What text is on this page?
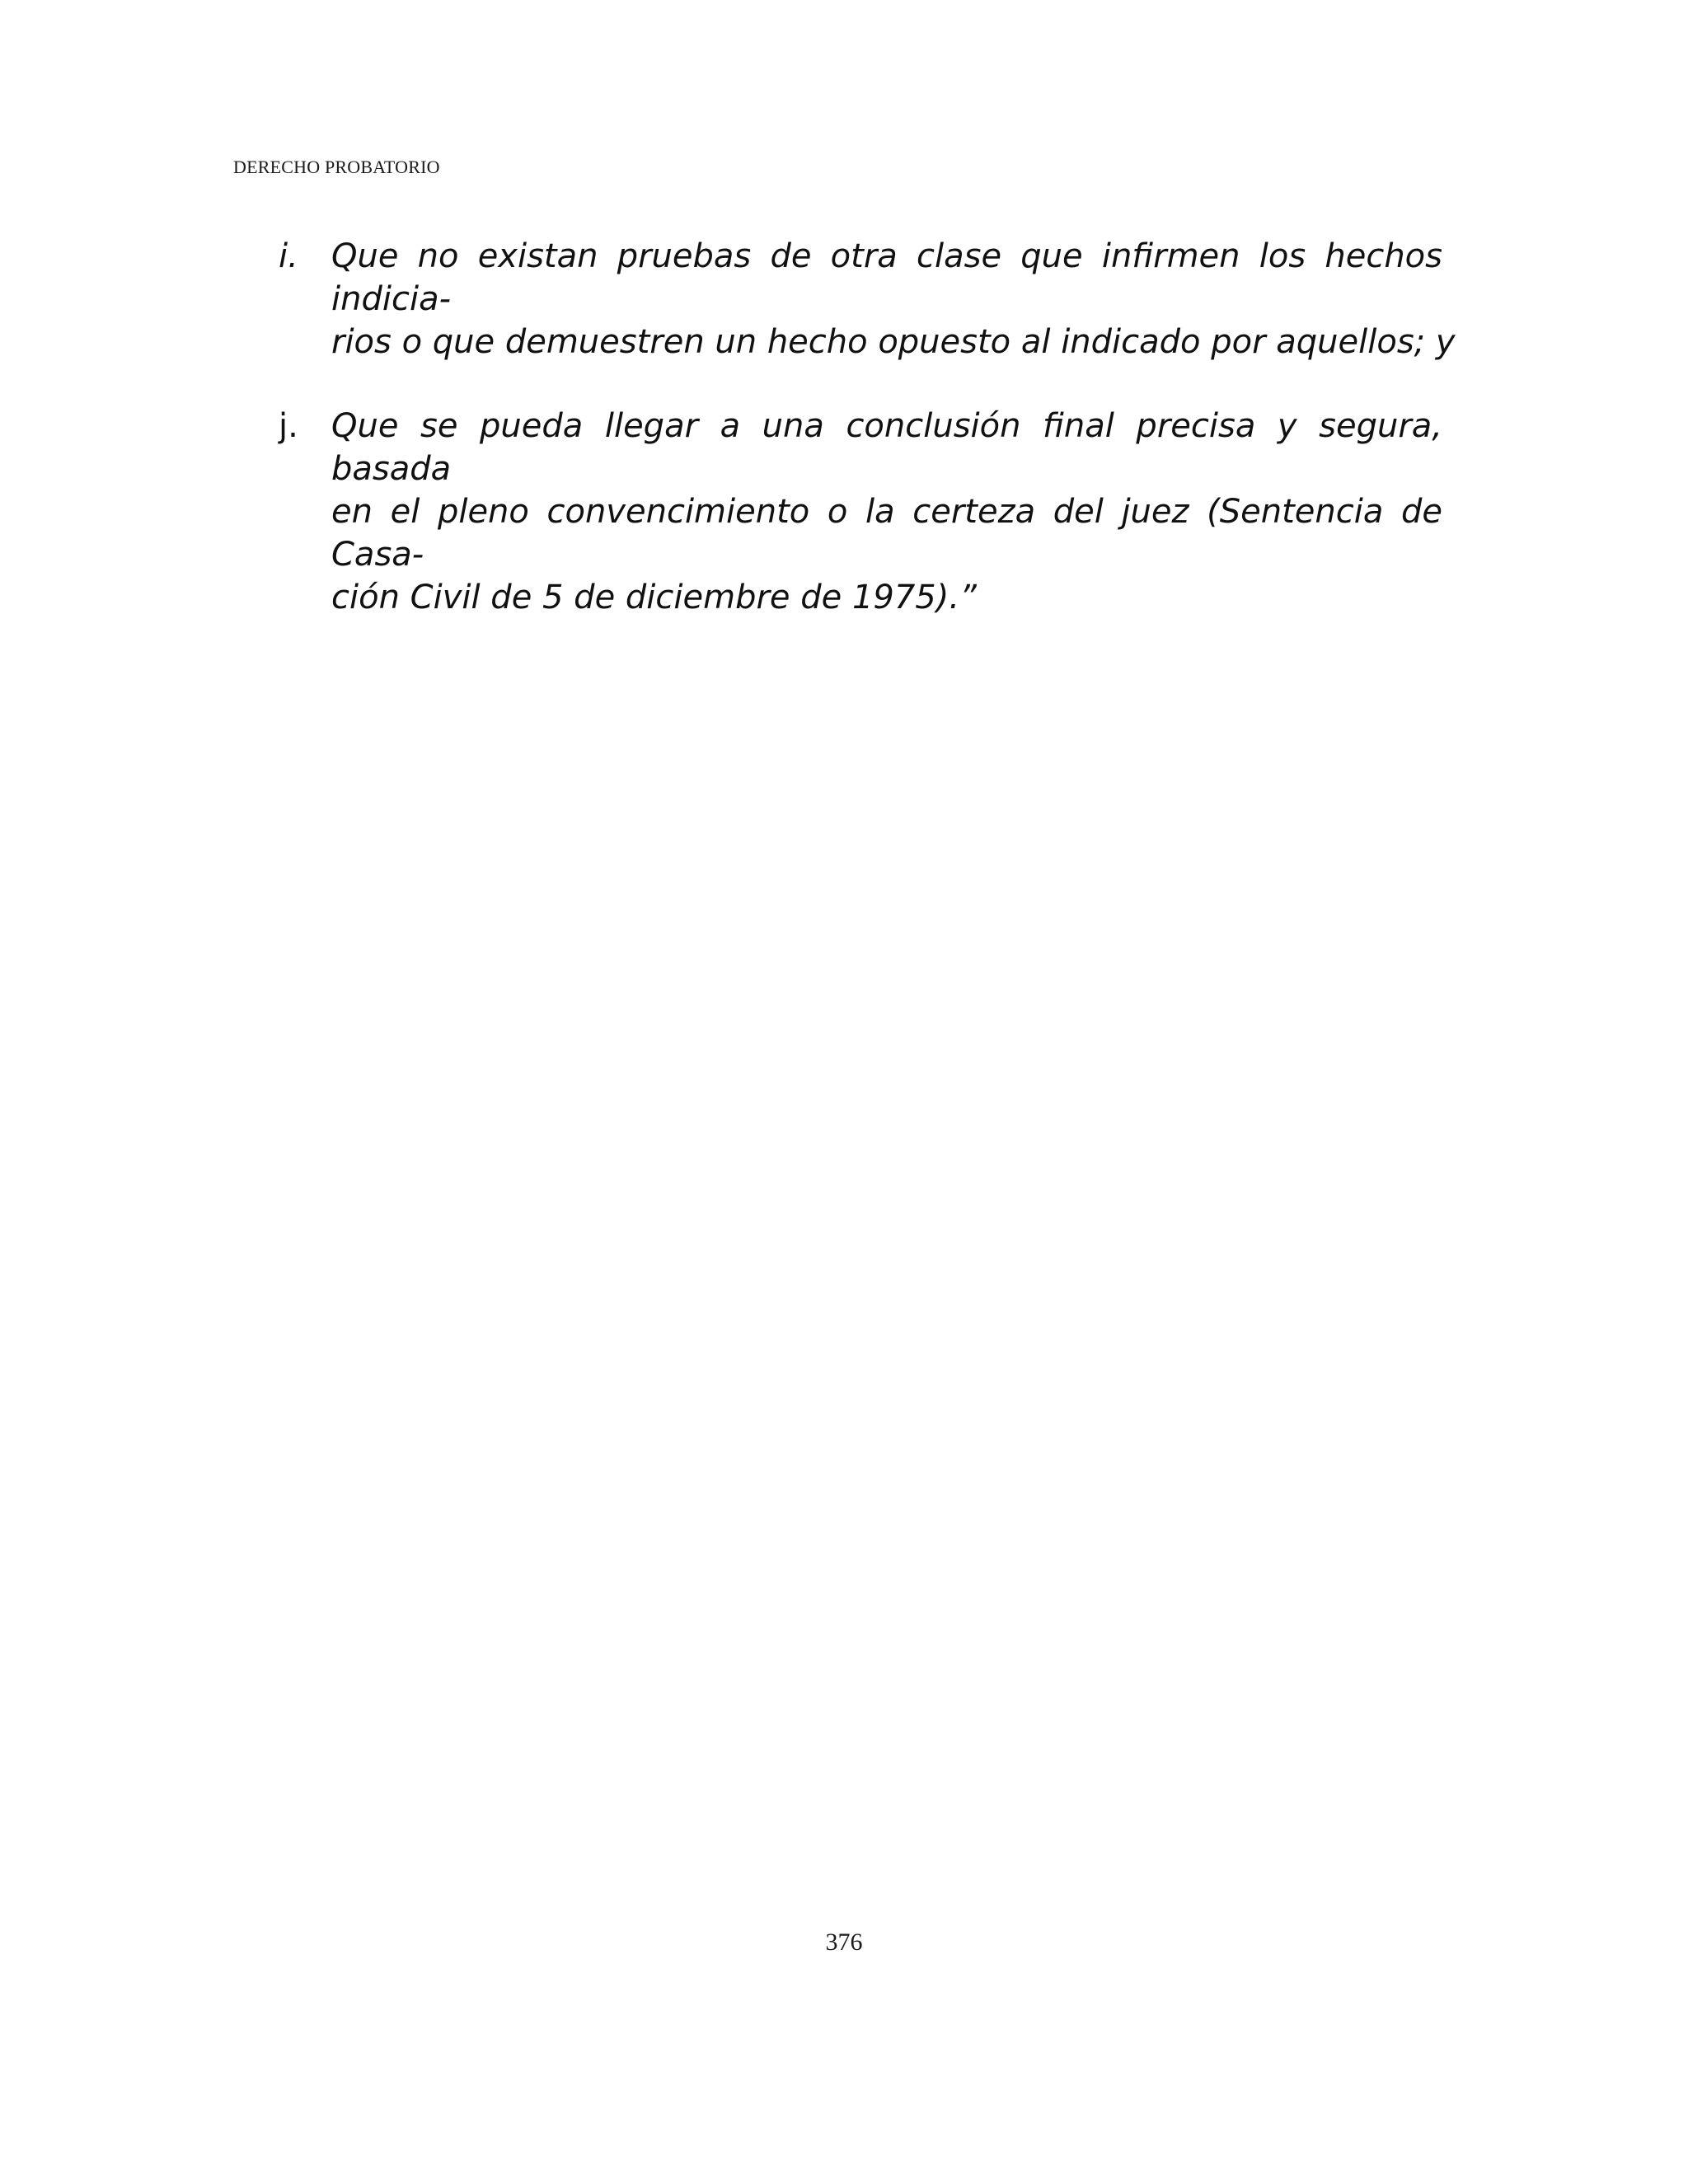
DERECHO PROBATORIO
i.	Que no existan pruebas de otra clase que infirmen los hechos indicia-
rios o que demuestren un hecho opuesto al indicado por aquellos; y
j.	Que se pueda llegar a una conclusión final precisa y segura, basada
en el pleno convencimiento o la certeza del juez (Sentencia de Casa-
ción Civil de 5 de diciembre de 1975).”
376
